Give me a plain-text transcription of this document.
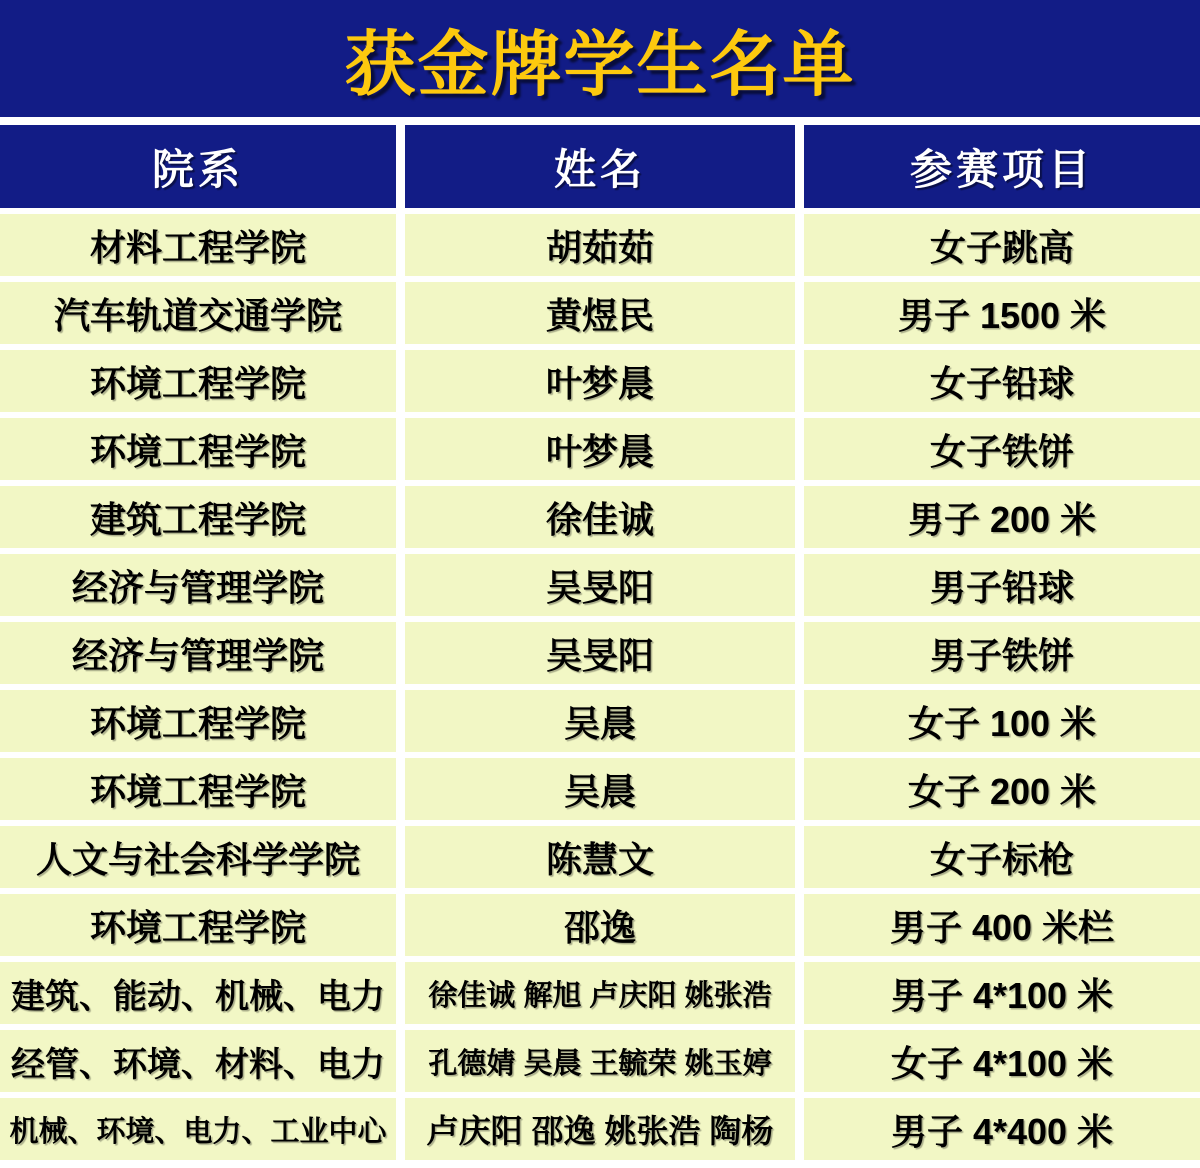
获金牌学生名单
院系	姓名	参赛项目
材料工程学院	胡茹茹	女子跳高
汽车轨道交通学院	黄煜民	男子 1500 米
环境工程学院	叶梦晨	女子铅球
环境工程学院	叶梦晨	女子铁饼
建筑工程学院	徐佳诚	男子 200 米
经济与管理学院	吴旻阳	男子铅球
经济与管理学院	吴旻阳	男子铁饼
环境工程学院	吴晨	女子 100 米
环境工程学院	吴晨	女子 200 米
人文与社会科学学院	陈慧文	女子标枪
环境工程学院	邵逸	男子 400 米栏
建筑、能动、机械、电力	徐佳诚 解旭 卢庆阳 姚张浩	男子 4*100 米
经管、环境、材料、电力	孔德婧 吴晨 王毓荣 姚玉婷	女子 4*100 米
机械、环境、电力、工业中心	卢庆阳 邵逸 姚张浩 陶杨	男子 4*400 米
